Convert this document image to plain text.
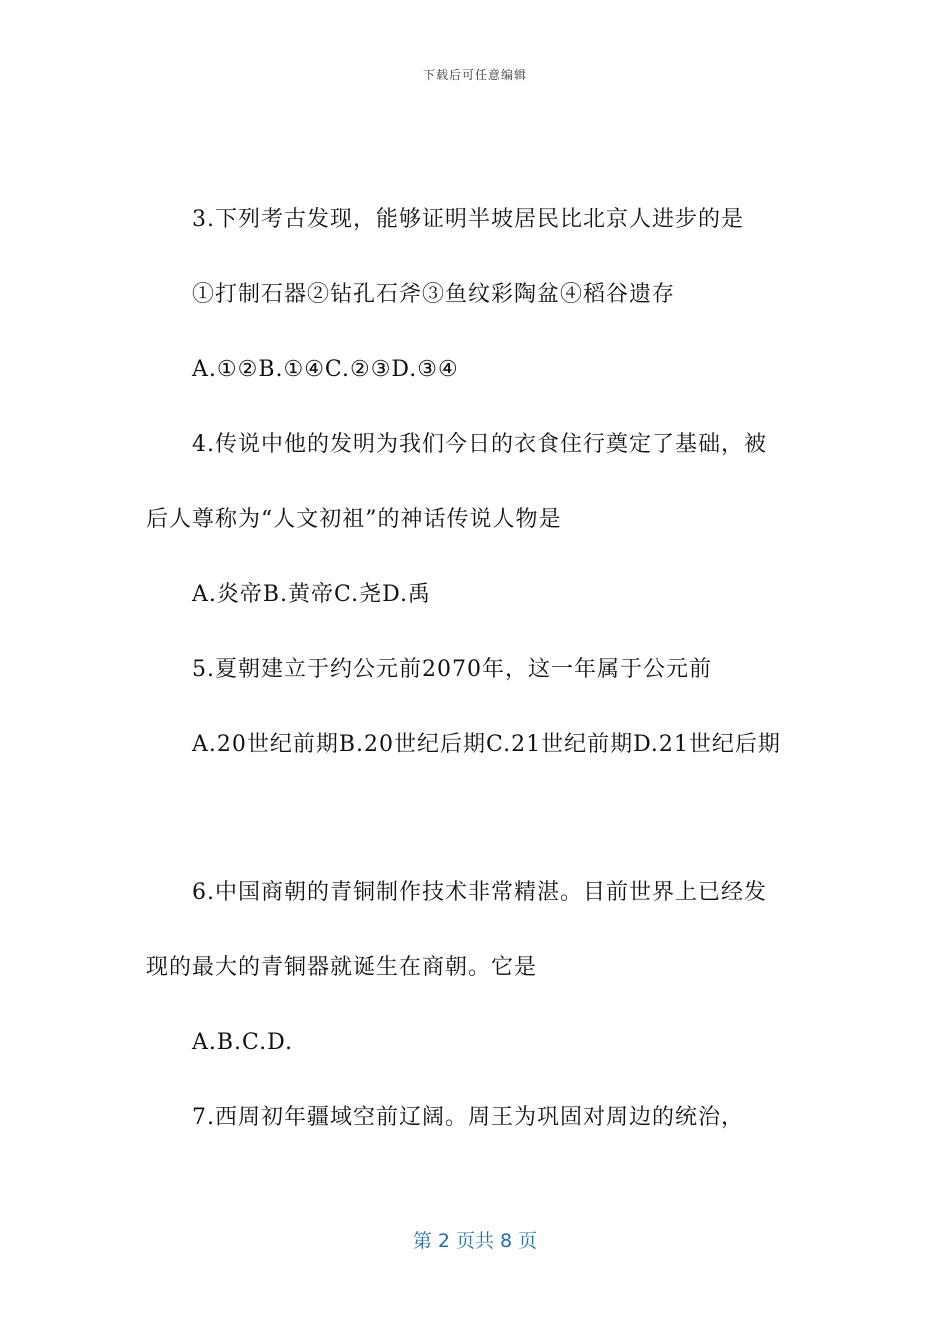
下载后可任意编辑
3.下列考古发现，能够证明半坡居民比北京人进步的是
①打制石器②钻孔石斧③鱼纹彩陶盆④稻谷遗存
A.①②B.①④C.②③D.③④
4.传说中他的发明为我们今日的衣食住行奠定了基础，被
后人尊称为“人文初祖”的神话传说人物是
A.炎帝B.黄帝C.尧D.禹
5.夏朝建立于约公元前2070年，这一年属于公元前
A.20世纪前期B.20世纪后期C.21世纪前期D.21世纪后期
6.中国商朝的青铜制作技术非常精湛。目前世界上已经发
现的最大的青铜器就诞生在商朝。它是
A.B.C.D.
7.西周初年疆域空前辽阔。周王为巩固对周边的统治，
第 2 页共 8 页
